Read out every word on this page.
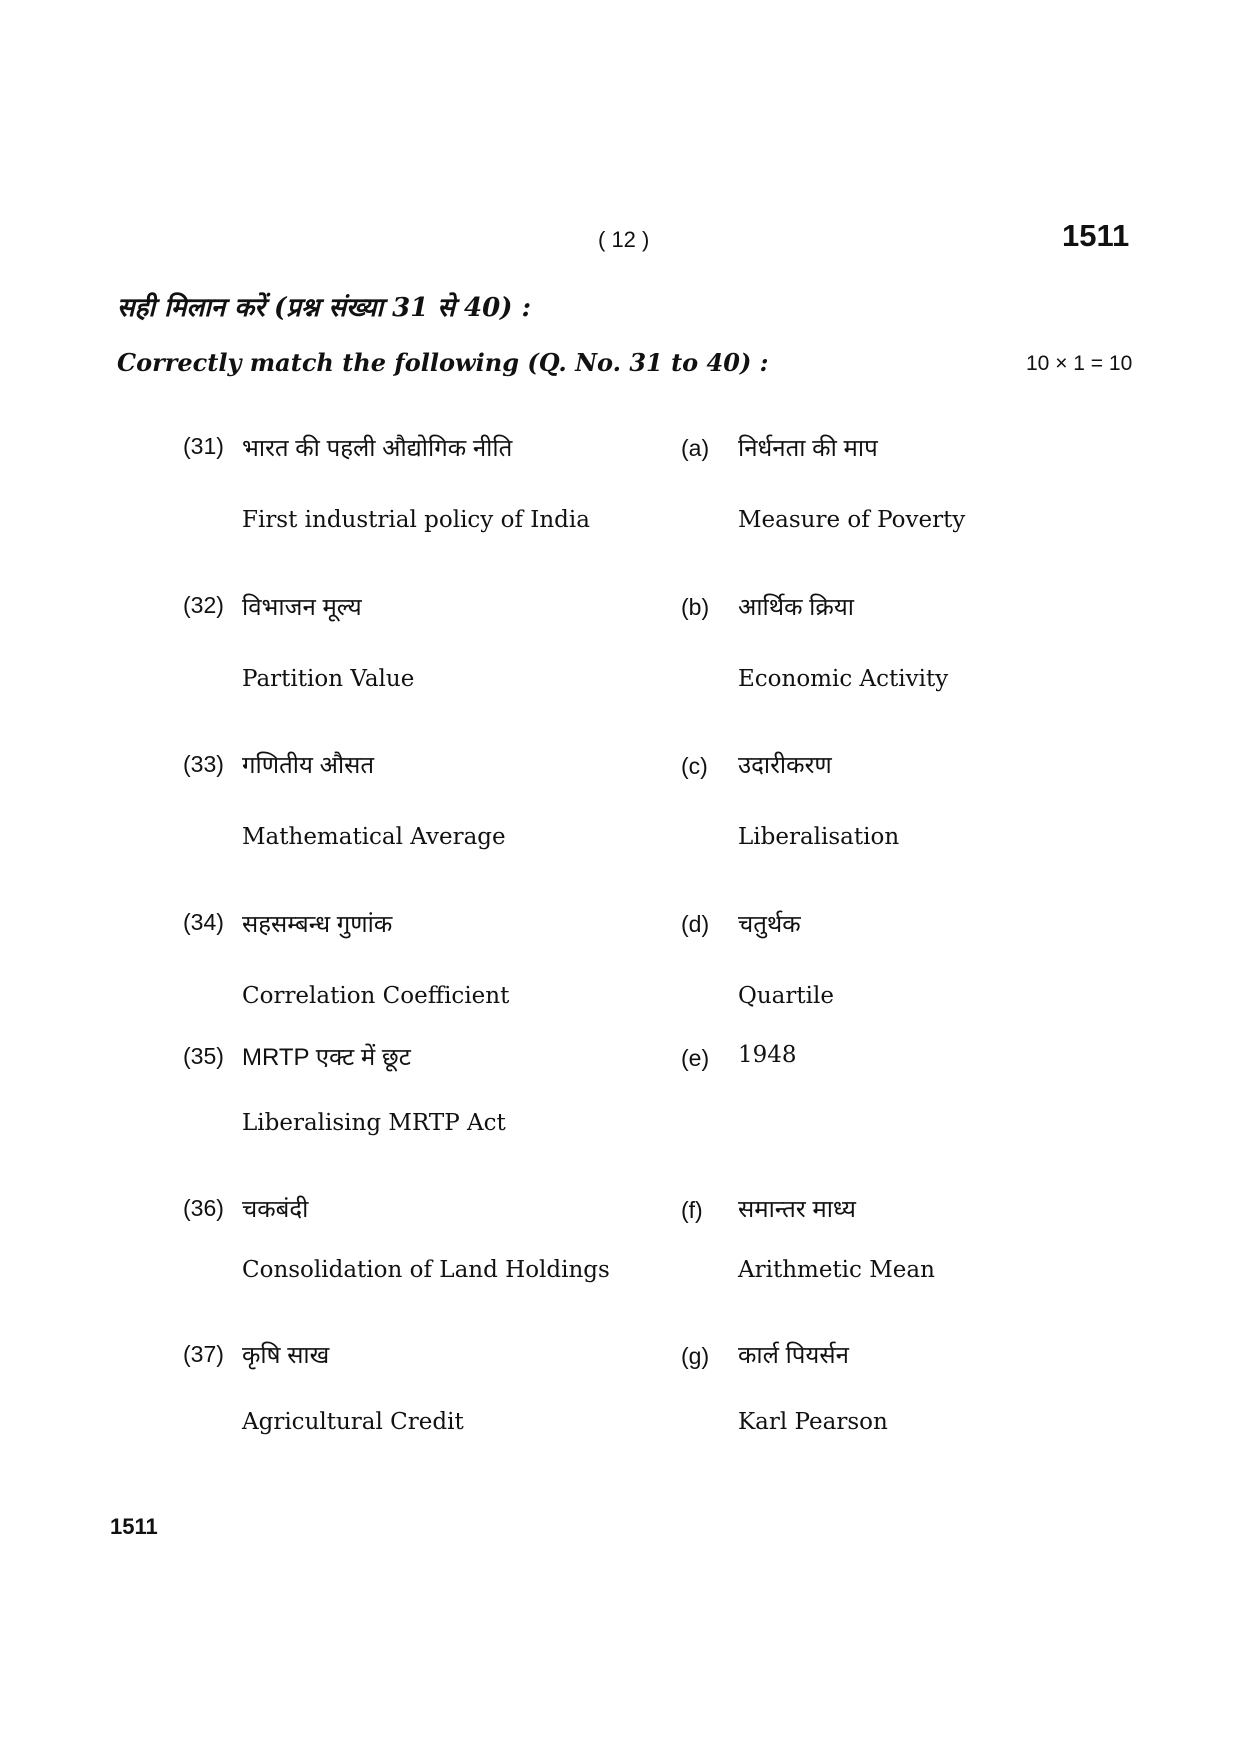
( 12 )	1511
सही मिलान करें (प्रश्न संख्या 31 से 40) :
Correctly match the following (Q. No. 31 to 40) :	10 × 1 = 10
(31) भारत की पहली औद्योगिक नीति
First industrial policy of India
(a) निर्धनता की माप
Measure of Poverty
(32) विभाजन मूल्य
Partition Value
(b) आर्थिक क्रिया
Economic Activity
(33) गणितीय औसत
Mathematical Average
(c) उदारीकरण
Liberalisation
(34) सहसम्बन्ध गुणांक
Correlation Coefficient
(d) चतुर्थक
Quartile
(35) MRTP एक्ट में छूट
Liberalising MRTP Act
(e) 1948
(36) चकबंदी
Consolidation of Land Holdings
(f) समान्तर माध्य
Arithmetic Mean
(37) कृषि साख
Agricultural Credit
(g) कार्ल पियर्सन
Karl Pearson
1511
